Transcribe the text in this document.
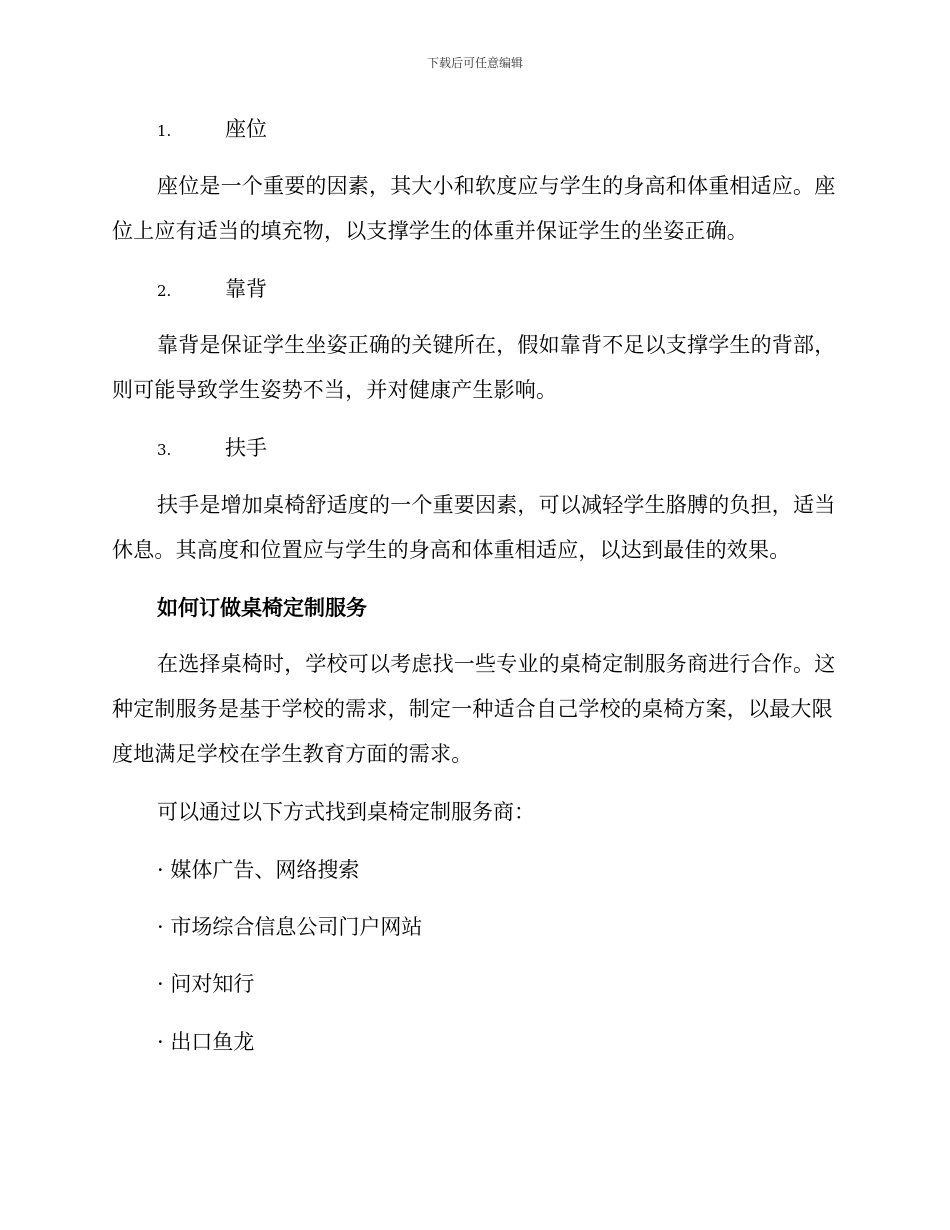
下载后可任意编辑
1.	座位

座位是一个重要的因素，其大小和软度应与学生的身高和体重相适应。座位上应有适当的填充物，以支撑学生的体重并保证学生的坐姿正确。

2.	靠背

靠背是保证学生坐姿正确的关键所在，假如靠背不足以支撑学生的背部，则可能导致学生姿势不当，并对健康产生影响。

3.	扶手

扶手是增加桌椅舒适度的一个重要因素，可以减轻学生胳膊的负担，适当休息。其高度和位置应与学生的身高和体重相适应，以达到最佳的效果。

如何订做桌椅定制服务

在选择桌椅时，学校可以考虑找一些专业的桌椅定制服务商进行合作。这种定制服务是基于学校的需求，制定一种适合自己学校的桌椅方案，以最大限度地满足学校在学生教育方面的需求。

可以通过以下方式找到桌椅定制服务商：
· 媒体广告、网络搜索
· 市场综合信息公司门户网站
· 问对知行
· 出口鱼龙
